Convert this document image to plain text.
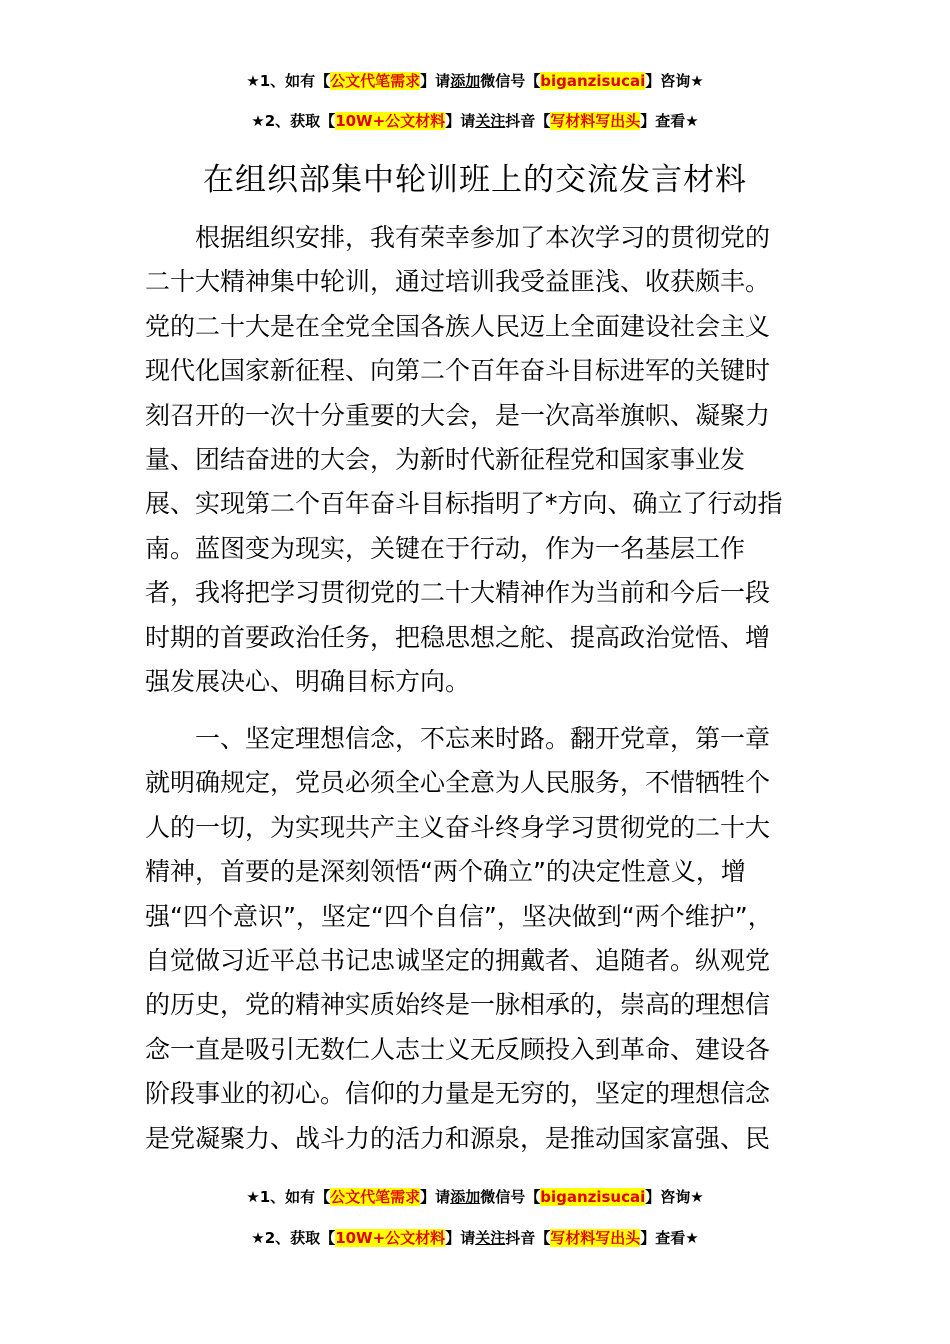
★1、如有【公文代笔需求】请添加微信号【biganzisucai】咨询★
★2、获取【10W+公文材料】请关注抖音【写材料写出头】查看★
在组织部集中轮训班上的交流发言材料
根据组织安排，我有荣幸参加了本次学习的贯彻党的
二十大精神集中轮训，通过培训我受益匪浅、收获颇丰。
党的二十大是在全党全国各族人民迈上全面建设社会主义
现代化国家新征程、向第二个百年奋斗目标进军的关键时
刻召开的一次十分重要的大会，是一次高举旗帜、凝聚力
量、团结奋进的大会，为新时代新征程党和国家事业发
展、实现第二个百年奋斗目标指明了*方向、确立了行动指
南。蓝图变为现实，关键在于行动，作为一名基层工作
者，我将把学习贯彻党的二十大精神作为当前和今后一段
时期的首要政治任务，把稳思想之舵、提高政治觉悟、增
强发展决心、明确目标方向。
一、坚定理想信念，不忘来时路。翻开党章，第一章
就明确规定，党员必须全心全意为人民服务，不惜牺牲个
人的一切，为实现共产主义奋斗终身学习贯彻党的二十大
精神，首要的是深刻领悟“两个确立”的决定性意义，增
强“四个意识”，坚定“四个自信”，坚决做到“两个维护”，
自觉做习近平总书记忠诚坚定的拥戴者、追随者。纵观党
的历史，党的精神实质始终是一脉相承的，崇高的理想信
念一直是吸引无数仁人志士义无反顾投入到革命、建设各
阶段事业的初心。信仰的力量是无穷的，坚定的理想信念
是党凝聚力、战斗力的活力和源泉，是推动国家富强、民
★1、如有【公文代笔需求】请添加微信号【biganzisucai】咨询★
★2、获取【10W+公文材料】请关注抖音【写材料写出头】查看★
